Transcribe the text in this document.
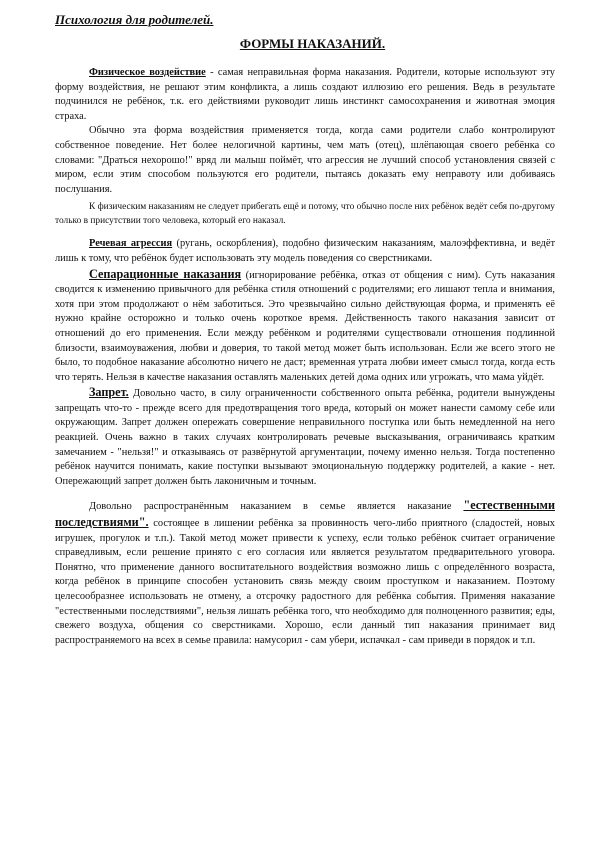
Психология для родителей.
ФОРМЫ НАКАЗАНИЙ.

Физическое воздействие - самая неправильная форма наказания. Родители, которые используют эту форму воздействия, не решают этим конфликта, а лишь создают иллюзию его решения. Ведь в результате подчинился не ребёнок, т.к. его действиями руководит лишь инстинкт самосохранения и животная эмоция страха.

Обычно эта форма воздействия применяется тогда, когда сами родители слабо контролируют собственное поведение. Нет более нелогичной картины, чем мать (отец), шлёпающая своего ребёнка со словами: "Драться нехорошо!" вряд ли малыш поймёт, что агрессия не лучший способ установления связей с миром, если этим способом пользуются его родители, пытаясь доказать ему неправоту или добиваясь послушания.

К физическим наказаниям не следует прибегать ещё и потому, что обычно после них ребёнок ведёт себя по-другому только в присутствии того человека, который его наказал.

Речевая агрессия (ругань, оскорбления), подобно физическим наказаниям, малоэффективна, и ведёт лишь к тому, что ребёнок будет использовать эту модель поведения со сверстниками.

Сепарационные наказания (игнорирование ребёнка, отказ от общения с ним). Суть наказания сводится к изменению привычного для ребёнка стиля отношений с родителями; его лишают тепла и внимания, хотя при этом продолжают о нём заботиться. Это чрезвычайно сильно действующая форма, и применять её нужно крайне осторожно и только очень короткое время. Действенность такого наказания зависит от отношений до его применения. Если между ребёнком и родителями существовали отношения подлинной близости, взаимоуважения, любви и доверия, то такой метод может быть использован. Если же всего этого не было, то подобное наказание абсолютно ничего не даст; временная утрата любви имеет смысл тогда, когда есть что терять. Нельзя в качестве наказания оставлять маленьких детей дома одних или угрожать, что мама уйдёт.

Запрет. Довольно часто, в силу ограниченности собственного опыта ребёнка, родители вынуждены запрещать что-то - прежде всего для предотвращения того вреда, который он может нанести самому себе или окружающим. Запрет должен опережать совершение неправильного поступка или быть немедленной на него реакцией. Очень важно в таких случаях контролировать речевые высказывания, ограничиваясь кратким замечанием - "нельзя!" и отказываясь от развёрнутой аргументации, почему именно нельзя. Тогда постепенно ребёнок научится понимать, какие поступки вызывают эмоциональную поддержку родителей, а какие - нет. Опережающий запрет должен быть лаконичным и точным.

Довольно распространённым наказанием в семье является наказание "естественными последствиями". состоящее в лишении ребёнка за провинность чего-либо приятного (сладостей, новых игрушек, прогулок и т.п.). Такой метод может привести к успеху, если только ребёнок считает ограничение справедливым, если решение принято с его согласия или является результатом предварительного уговора. Понятно, что применение данного воспитательного воздействия возможно лишь с определённого возраста, когда ребёнок в принципе способен установить связь между своим проступком и наказанием. Поэтому целесообразнее использовать не отмену, а отсрочку радостного для ребёнка события. Применяя наказание "естественными последствиями", нельзя лишать ребёнка того, что необходимо для полноценного развития; еды, свежего воздуха, общения со сверстниками. Хорошо, если данный тип наказания принимает вид распространяемого на всех в семье правила: намусорил - сам убери, испачкал - сам приведи в порядок и т.п.
